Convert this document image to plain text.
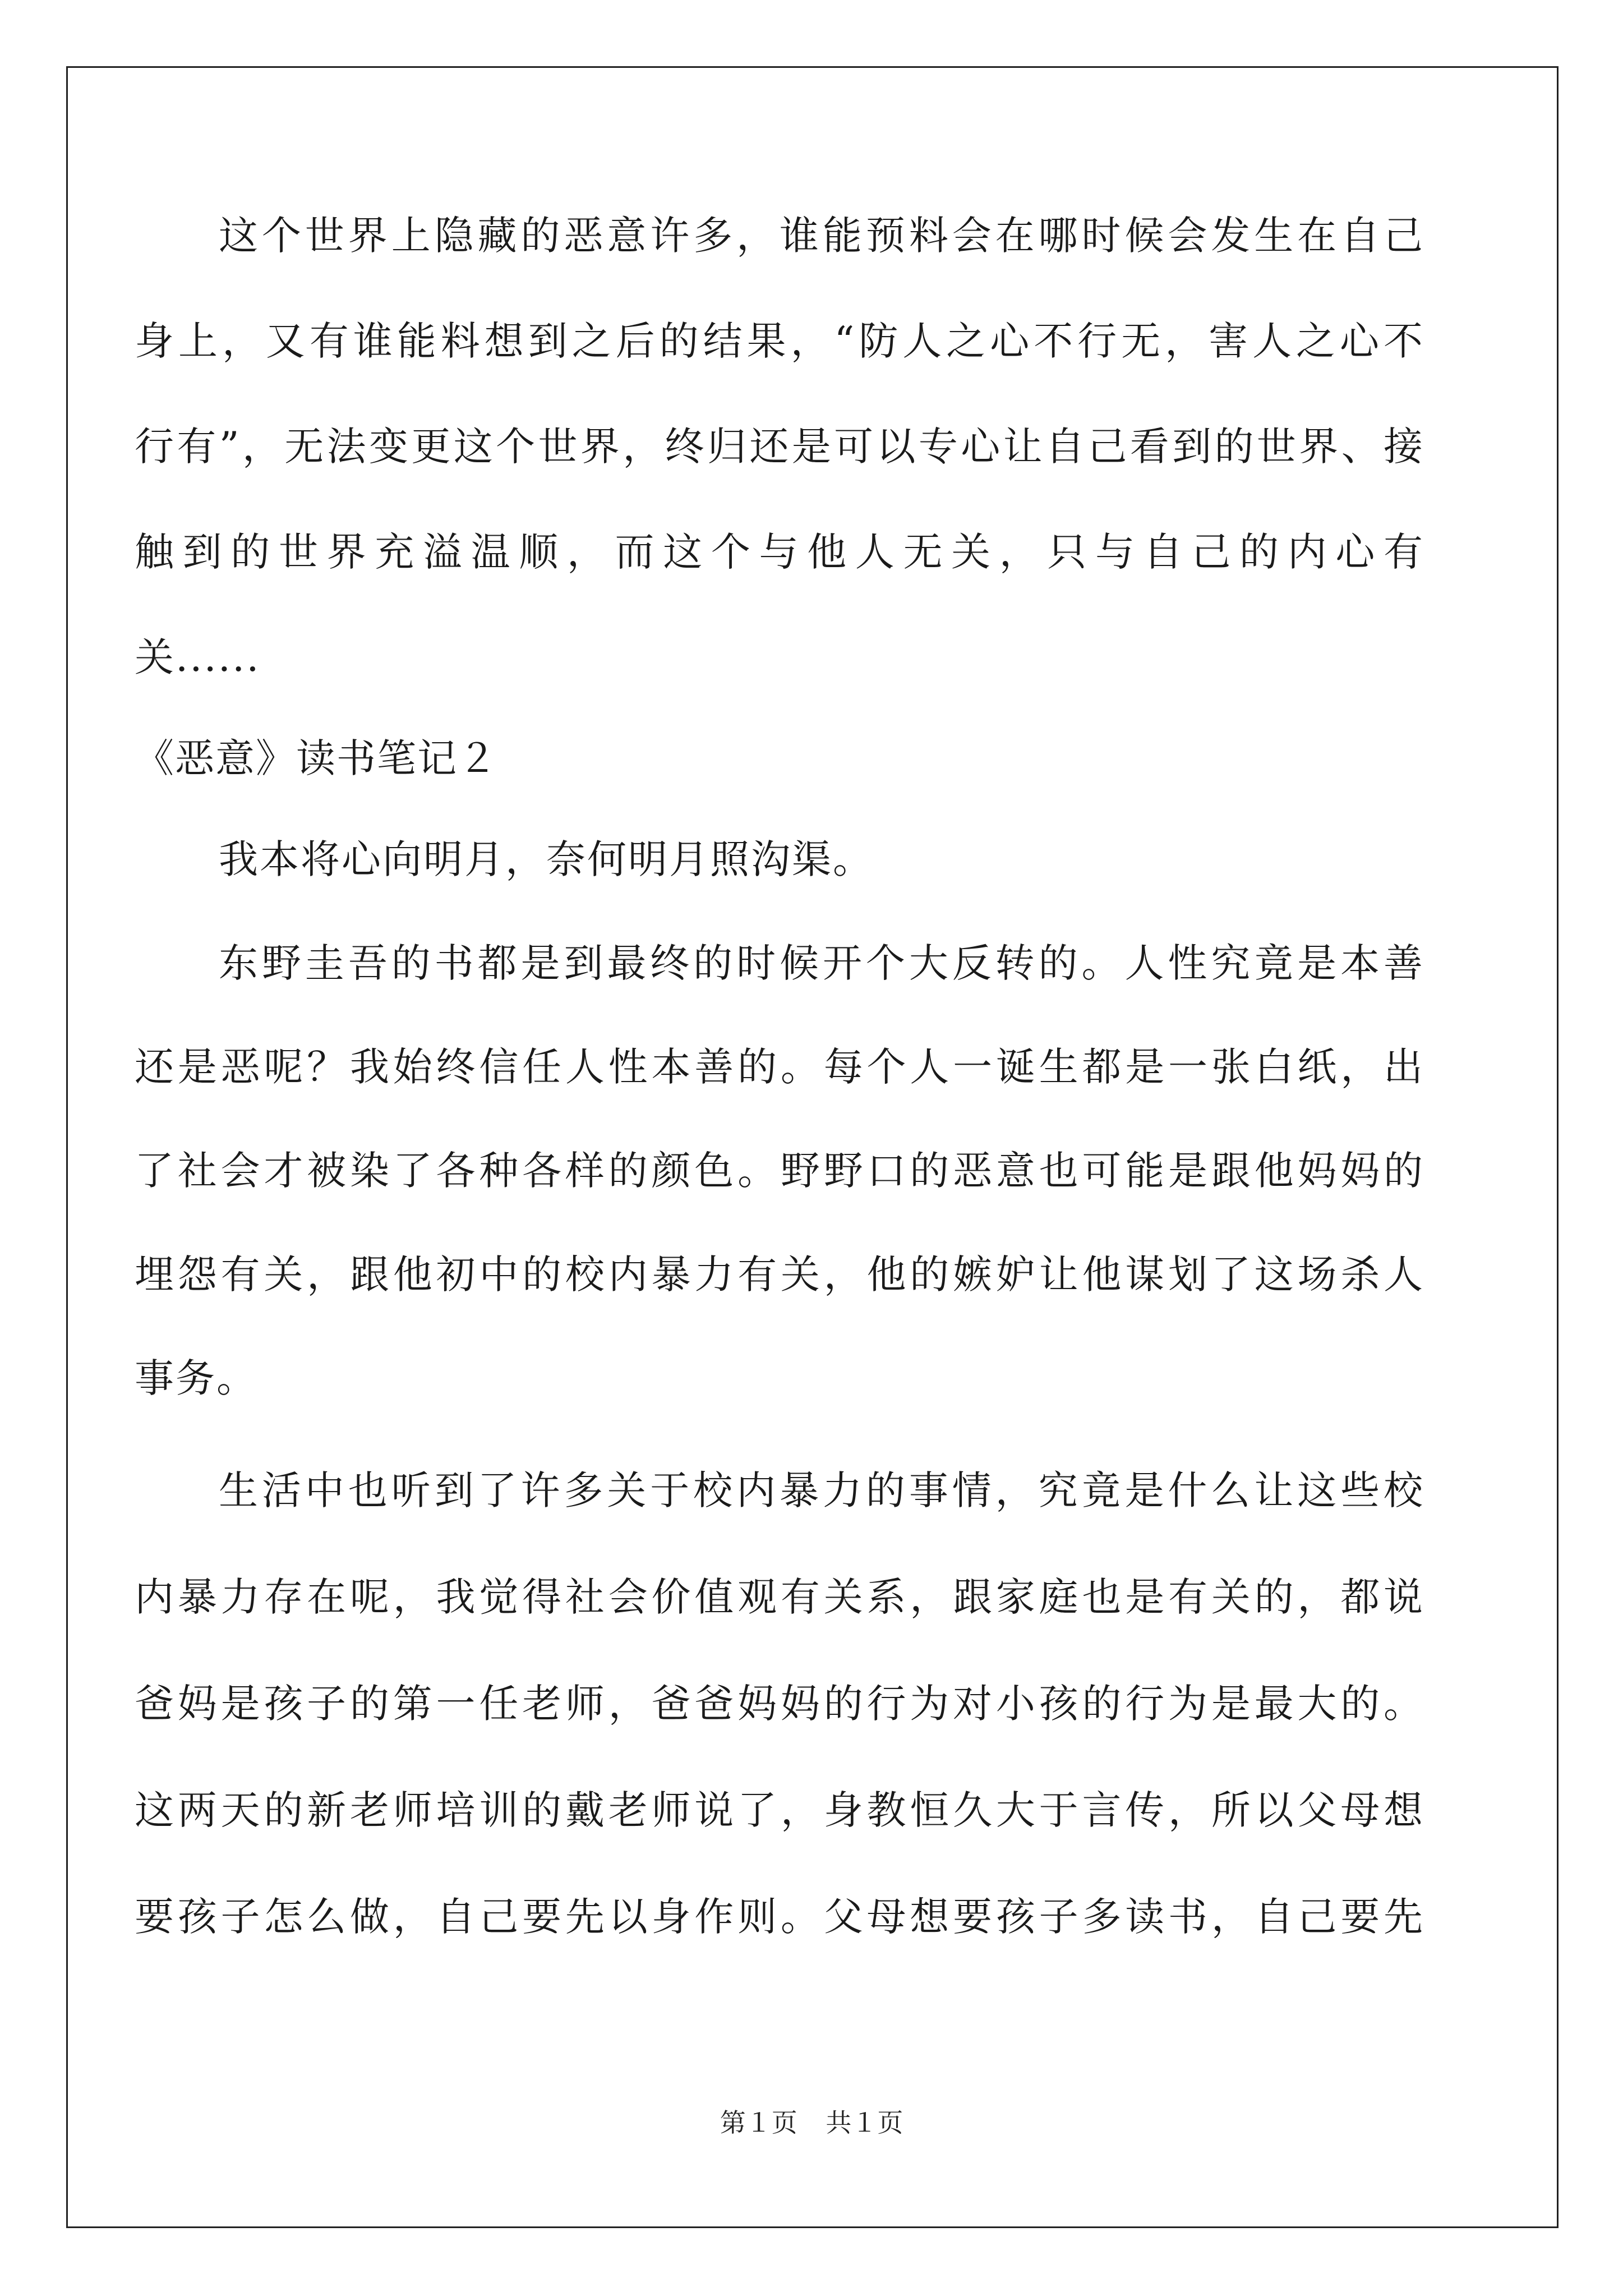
这个世界上隐藏的恶意许多，谁能预料会在哪时候会发生在自己
身上，又有谁能料想到之后的结果，“防人之心不行无，害人之心不
行有”，无法变更这个世界，终归还是可以专心让自己看到的世界、接
触到的世界充溢温顺，而这个与他人无关，只与自己的内心有
关......
《恶意》读书笔记２
我本将心向明月，奈何明月照沟渠。
东野圭吾的书都是到最终的时候开个大反转的。人性究竟是本善
还是恶呢？我始终信任人性本善的。每个人一诞生都是一张白纸，出
了社会才被染了各种各样的颜色。野野口的恶意也可能是跟他妈妈的
埋怨有关，跟他初中的校内暴力有关，他的嫉妒让他谋划了这场杀人
事务。
生活中也听到了许多关于校内暴力的事情，究竟是什么让这些校
内暴力存在呢，我觉得社会价值观有关系，跟家庭也是有关的，都说
爸妈是孩子的第一任老师，爸爸妈妈的行为对小孩的行为是最大的。
这两天的新老师培训的戴老师说了，身教恒久大于言传，所以父母想
要孩子怎么做，自己要先以身作则。父母想要孩子多读书，自己要先
第１页 共１页
